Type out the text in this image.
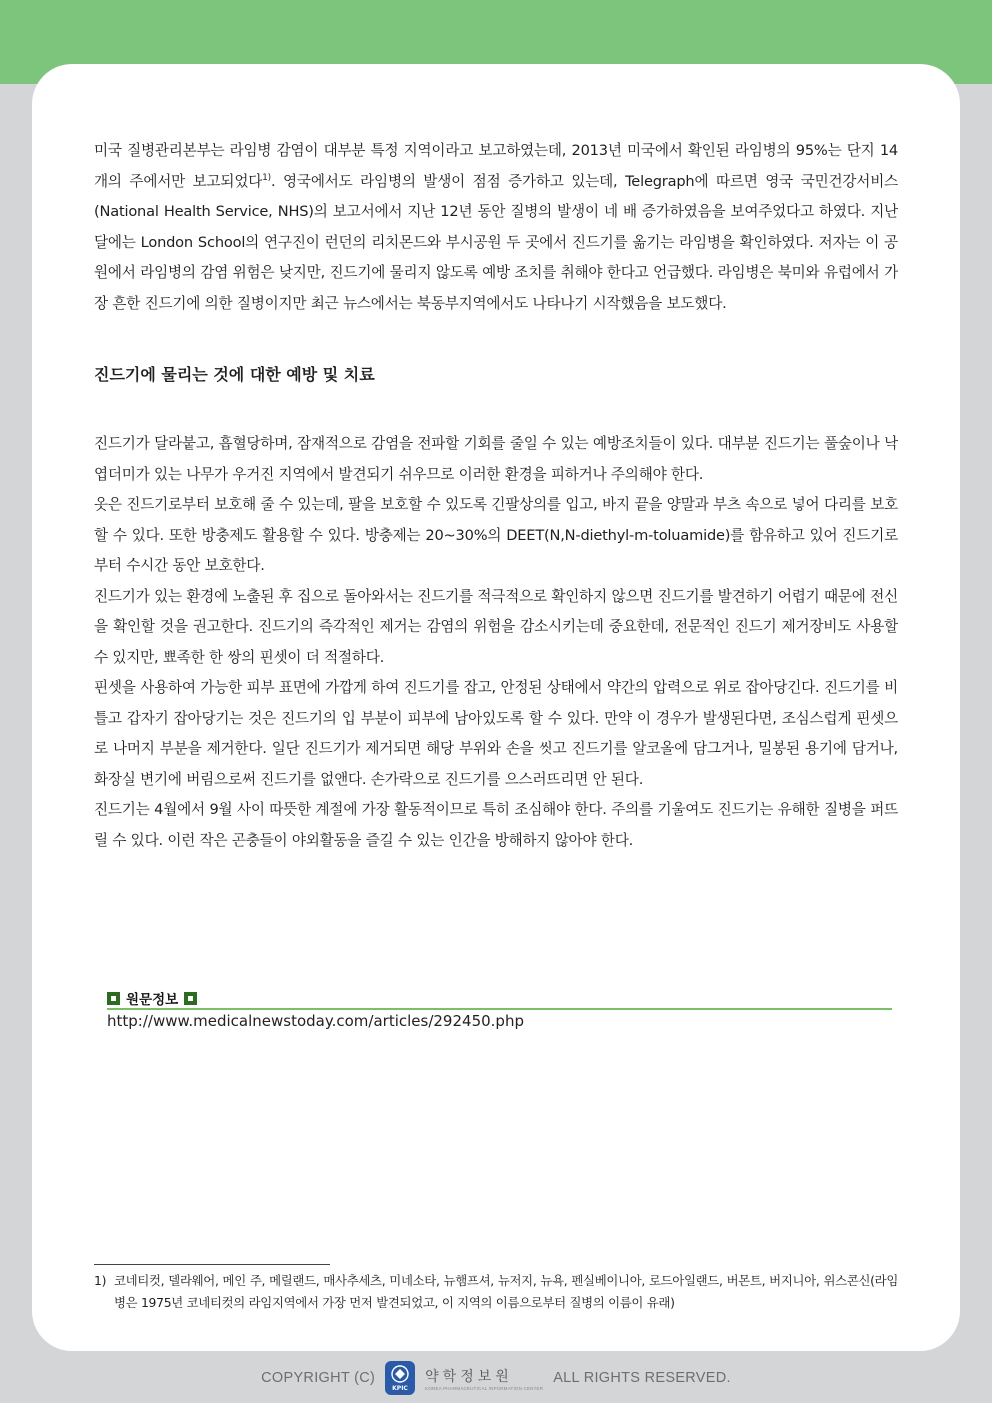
미국 질병관리본부는 라임병 감염이 대부분 특정 지역이라고 보고하였는데, 2013년 미국에서 확인된 라임병의 95%는 단지 14개의 주에서만 보고되었다$^{1)}$. 영국에서도 라임병의 발생이 점점 증가하고 있는데, Telegraph에 따르면 영국 국민건강서비스(National Health Service, NHS)의 보고서에서 지난 12년 동안 질병의 발생이 네 배 증가하였음을 보여주었다고 하였다. 지난 달에는 London School의 연구진이 런던의 리치몬드와 부시공원 두 곳에서 진드기를 옮기는 라임병을 확인하였다. 저자는 이 공원에서 라임병의 감염 위험은 낮지만, 진드기에 물리지 않도록 예방 조치를 취해야 한다고 언급했다. 라임병은 북미와 유럽에서 가장 흔한 진드기에 의한 질병이지만 최근 뉴스에서는 북동부지역에서도 나타나기 시작했음을 보도했다.

진드기에 물리는 것에 대한 예방 및 치료

진드기가 달라붙고, 흡혈당하며, 잠재적으로 감염을 전파할 기회를 줄일 수 있는 예방조치들이 있다. 대부분 진드기는 풀숲이나 낙엽더미가 있는 나무가 우거진 지역에서 발견되기 쉬우므로 이러한 환경을 피하거나 주의해야 한다.

옷은 진드기로부터 보호해 줄 수 있는데, 팔을 보호할 수 있도록 긴팔상의를 입고, 바지 끝을 양말과 부츠 속으로 넣어 다리를 보호할 수 있다. 또한 방충제도 활용할 수 있다. 방충제는 20~30%의 DEET(N,N-diethyl-m-toluamide)를 함유하고 있어 진드기로부터 수시간 동안 보호한다.

진드기가 있는 환경에 노출된 후 집으로 돌아와서는 진드기를 적극적으로 확인하지 않으면 진드기를 발견하기 어렵기 때문에 전신을 확인할 것을 권고한다. 진드기의 즉각적인 제거는 감염의 위험을 감소시키는데 중요한데, 전문적인 진드기 제거장비도 사용할 수 있지만, 뾰족한 한 쌍의 핀셋이 더 적절하다.

핀셋을 사용하여 가능한 피부 표면에 가깝게 하여 진드기를 잡고, 안정된 상태에서 약간의 압력으로 위로 잡아당긴다. 진드기를 비틀고 갑자기 잡아당기는 것은 진드기의 입 부분이 피부에 남아있도록 할 수 있다. 만약 이 경우가 발생된다면, 조심스럽게 핀셋으로 나머지 부분을 제거한다. 일단 진드기가 제거되면 해당 부위와 손을 씻고 진드기를 알코올에 담그거나, 밀봉된 용기에 담거나, 화장실 변기에 버림으로써 진드기를 없앤다. 손가락으로 진드기를 으스러뜨리면 안 된다.

진드기는 4월에서 9월 사이 따뜻한 계절에 가장 활동적이므로 특히 조심해야 한다. 주의를 기울여도 진드기는 유해한 질병을 퍼뜨릴 수 있다. 이런 작은 곤충들이 야외활동을 즐길 수 있는 인간을 방해하지 않아야 한다.

원문정보
http://www.medicalnewstoday.com/articles/292450.php
1) 코네티컷, 델라웨어, 메인 주, 메릴랜드, 매사추세츠, 미네소타, 뉴햄프셔, 뉴저지, 뉴욕, 펜실베이니아, 로드아일랜드, 버몬트, 버지니아, 위스콘신(라임병은 1975년 코네티컷의 라임지역에서 가장 먼저 발견되었고, 이 지역의 이름으로부터 질병의 이름이 유래)
COPYRIGHT (C)
KPIC
약학정보원
KOREA PHARMACEUTICAL INFORMATION CENTER
ALL RIGHTS RESERVED.
